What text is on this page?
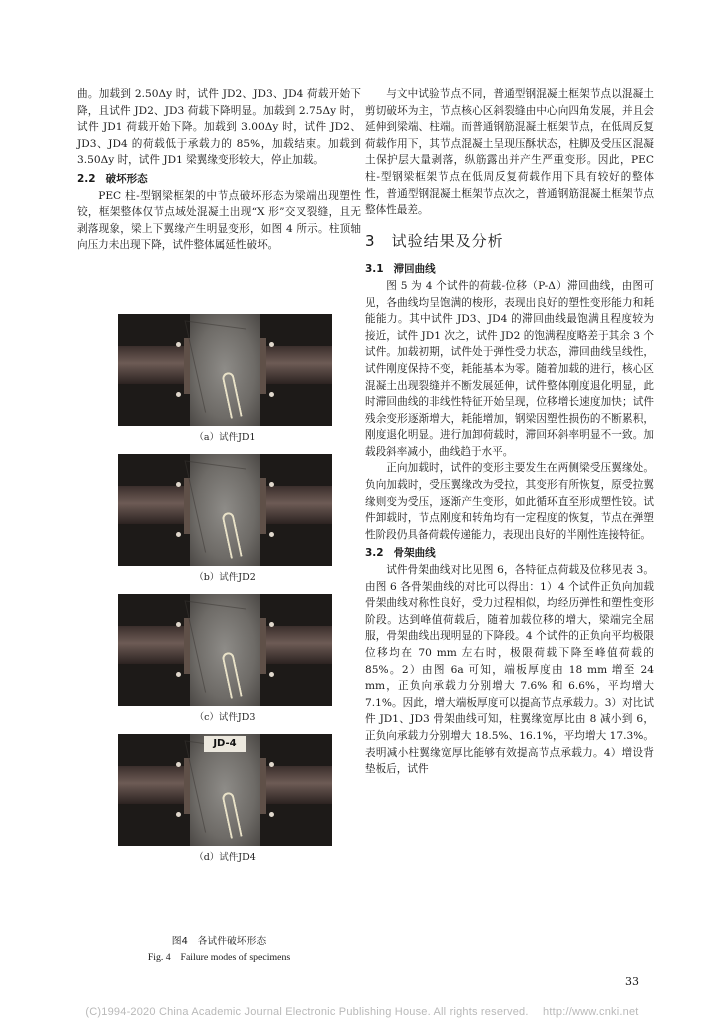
曲。加载到 2.50Δy 时，试件 JD2、JD3、JD4 荷载开始下降，且试件 JD2、JD3 荷载下降明显。加载到 2.75Δy 时，试件 JD1 荷载开始下降。加载到 3.00Δy 时，试件 JD2、JD3、JD4 的荷载低于承载力的 85%，加载结束。加载到 3.50Δy 时，试件 JD1 梁翼缘变形较大，停止加载。

2.2 破坏形态

PEC 柱-型钢梁框架的中节点破坏形态为梁端出现塑性铰，框架整体仅节点域处混凝土出现“X 形”交叉裂缝，且无剥落现象，梁上下翼缘产生明显变形，如图 4 所示。柱顶轴向压力未出现下降，试件整体属延性破坏。

（a）试件JD1
（b）试件JD2
（c）试件JD3
JD-4
（d）试件JD4
图4　各试件破坏形态
Fig. 4　Failure modes of specimens

与文中试验节点不同，普通型钢混凝土框架节点以混凝土剪切破坏为主，节点核心区斜裂缝由中心向四角发展，并且会延伸到梁端、柱端。而普通钢筋混凝土框架节点，在低周反复荷载作用下，其节点混凝土呈现压酥状态，柱脚及受压区混凝土保护层大量剥落，纵筋露出并产生严重变形。因此，PEC 柱-型钢梁框架节点在低周反复荷载作用下具有较好的整体性，普通型钢混凝土框架节点次之，普通钢筋混凝土框架节点整体性最差。

3　 试验结果及分析
3.1 滞回曲线

图 5 为 4 个试件的荷载-位移（P-Δ）滞回曲线，由图可见，各曲线均呈饱满的梭形，表现出良好的塑性变形能力和耗能能力。其中试件 JD3、JD4 的滞回曲线最饱满且程度较为接近，试件 JD1 次之，试件 JD2 的饱满程度略差于其余 3 个试件。加载初期，试件处于弹性受力状态，滞回曲线呈线性，试件刚度保持不变，耗能基本为零。随着加载的进行，核心区混凝土出现裂缝并不断发展延伸，试件整体刚度退化明显，此时滞回曲线的非线性特征开始呈现，位移增长速度加快；试件残余变形逐渐增大，耗能增加，钢梁因塑性损伤的不断累积，刚度退化明显。进行加卸荷载时，滞回环斜率明显不一致。加载段斜率减小，曲线趋于水平。

正向加载时，试件的变形主要发生在两侧梁受压翼缘处。负向加载时，受压翼缘改为受拉，其变形有所恢复，原受拉翼缘则变为受压，逐渐产生变形，如此循环直至形成塑性铰。试件卸载时，节点刚度和转角均有一定程度的恢复，节点在弹塑性阶段仍具备荷载传递能力，表现出良好的半刚性连接特征。

3.2 骨架曲线

试件骨架曲线对比见图 6，各特征点荷载及位移见表 3。由图 6 各骨架曲线的对比可以得出：1）4 个试件正负向加载骨架曲线对称性良好，受力过程相似，均经历弹性和塑性变形阶段。达到峰值荷载后，随着加载位移的增大，梁端完全屈服，骨架曲线出现明显的下降段。4 个试件的正负向平均极限位移均在 70 mm 左右时，极限荷载下降至峰值荷载的 85%。2）由图 6a 可知，端板厚度由 18 mm 增至 24 mm，正负向承载力分别增大 7.6% 和 6.6%，平均增大 7.1%。因此，增大端板厚度可以提高节点承载力。3）对比试件 JD1、JD3 骨架曲线可知，柱翼缘宽厚比由 8 减小到 6，正负向承载力分别增大 18.5%、16.1%，平均增大 17.3%。表明减小柱翼缘宽厚比能够有效提高节点承载力。4）增设背垫板后，试件

33
(C)1994-2020 China Academic Journal Electronic Publishing House. All rights reserved.　 http://www.cnki.net
